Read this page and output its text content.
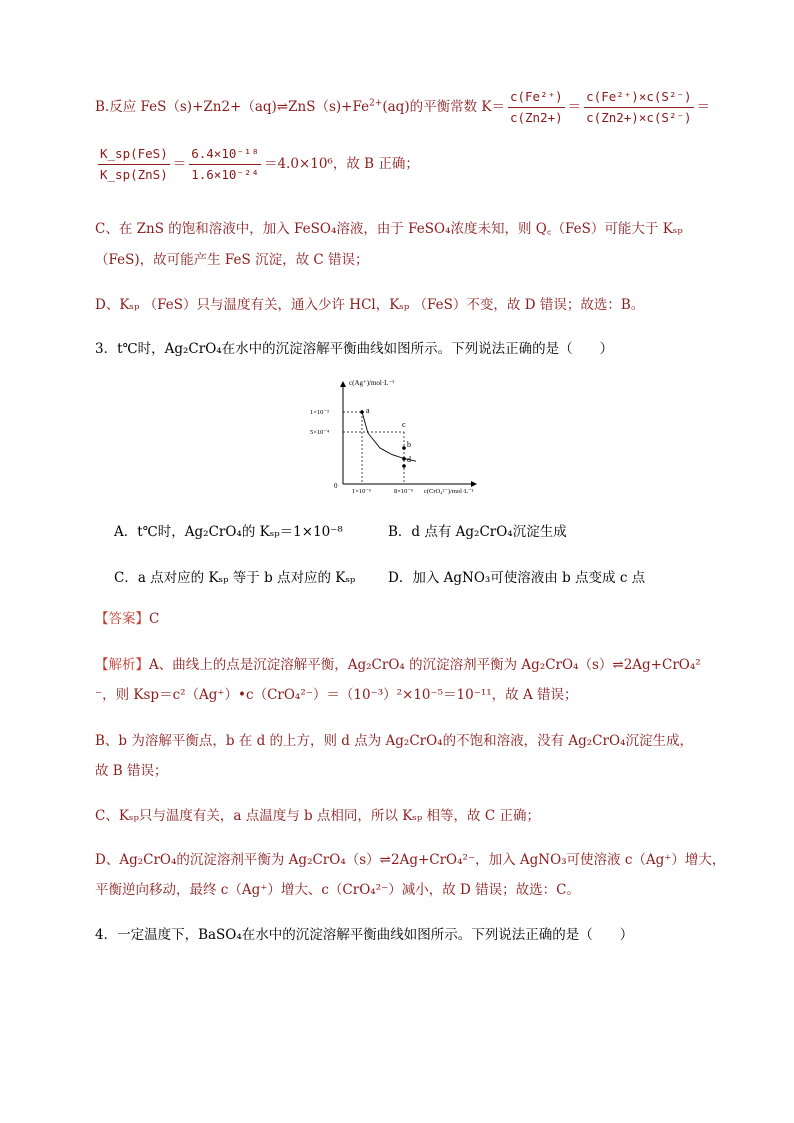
B.反应 $FeS(s)+Zn2+(aq)\rightleftharpoons ZnS(s)+Fe^{2+}(aq)$的平衡常数 $K= \frac{\text{c(Fe²⁺)}}{c(Zn2+)} = \frac{\text{c(Fe²⁺)×c(S²⁻)}}{\text{c(Zn2+)×c(S²⁻)}}$ ＝
$\frac{\text{K\_sp(FeS)}}{\text{K\_sp(ZnS)}} = \frac{\text{6.4×10⁻¹⁸}}{\text{1.6×10⁻²⁴}} =4.0\times 10^6$，故 B 正确；
C、在 ZnS 的饱和溶液中，加入 FeSO₄溶液，由于 FeSO₄浓度未知，则 Q꜀（FeS）可能大于 Kₛₚ
（FeS)，故可能产生 FeS 沉淀，故 C 错误；
D、Kₛₚ （FeS）只与温度有关，通入少许 HCl，Kₛₚ （FeS）不变，故 D 错误；故选：B。
3．t℃时，Ag₂CrO₄在水中的沉淀溶解平衡曲线如图所示。下列说法正确的是（　　）
a
c
b
d
c(Ag⁺)/mol·L⁻¹
1×10⁻³
5×10⁻⁴
0
1×10⁻⁵	8×10⁻⁵ c(CrO₄²⁻)/mol·L⁻¹
A．t℃时，Ag₂CrO₄的 Kₛₚ＝1×10⁻⁸	B．d 点有 Ag₂CrO₄沉淀生成
C．a 点对应的 Kₛₚ 等于 b 点对应的 Kₛₚ D．加入 AgNO₃可使溶液由 b 点变成 c 点
【答案】C
【解析】A、曲线上的点是沉淀溶解平衡，Ag₂CrO₄ 的沉淀溶剂平衡为 Ag₂CrO₄（s）⇌2Ag+CrO₄²
⁻，则 Ksp＝c²（Ag⁺）•c（CrO₄²⁻）＝（10⁻³）²×10⁻⁵＝10⁻¹¹，故 A 错误；
B、b 为溶解平衡点，b 在 d 的上方，则 d 点为 Ag₂CrO₄的不饱和溶液，没有 Ag₂CrO₄沉淀生成，
故 B 错误；
C、Kₛₚ只与温度有关，a 点温度与 b 点相同，所以 Kₛₚ 相等，故 C 正确；
D、Ag₂CrO₄的沉淀溶剂平衡为 Ag₂CrO₄（s）⇌2Ag+CrO₄²⁻，加入 AgNO₃可使溶液 c（Ag⁺）增大，
平衡逆向移动，最终 c（Ag⁺）增大、c（CrO₄²⁻）减小，故 D 错误；故选：C。
4．一定温度下，BaSO₄在水中的沉淀溶解平衡曲线如图所示。下列说法正确的是（　　）
